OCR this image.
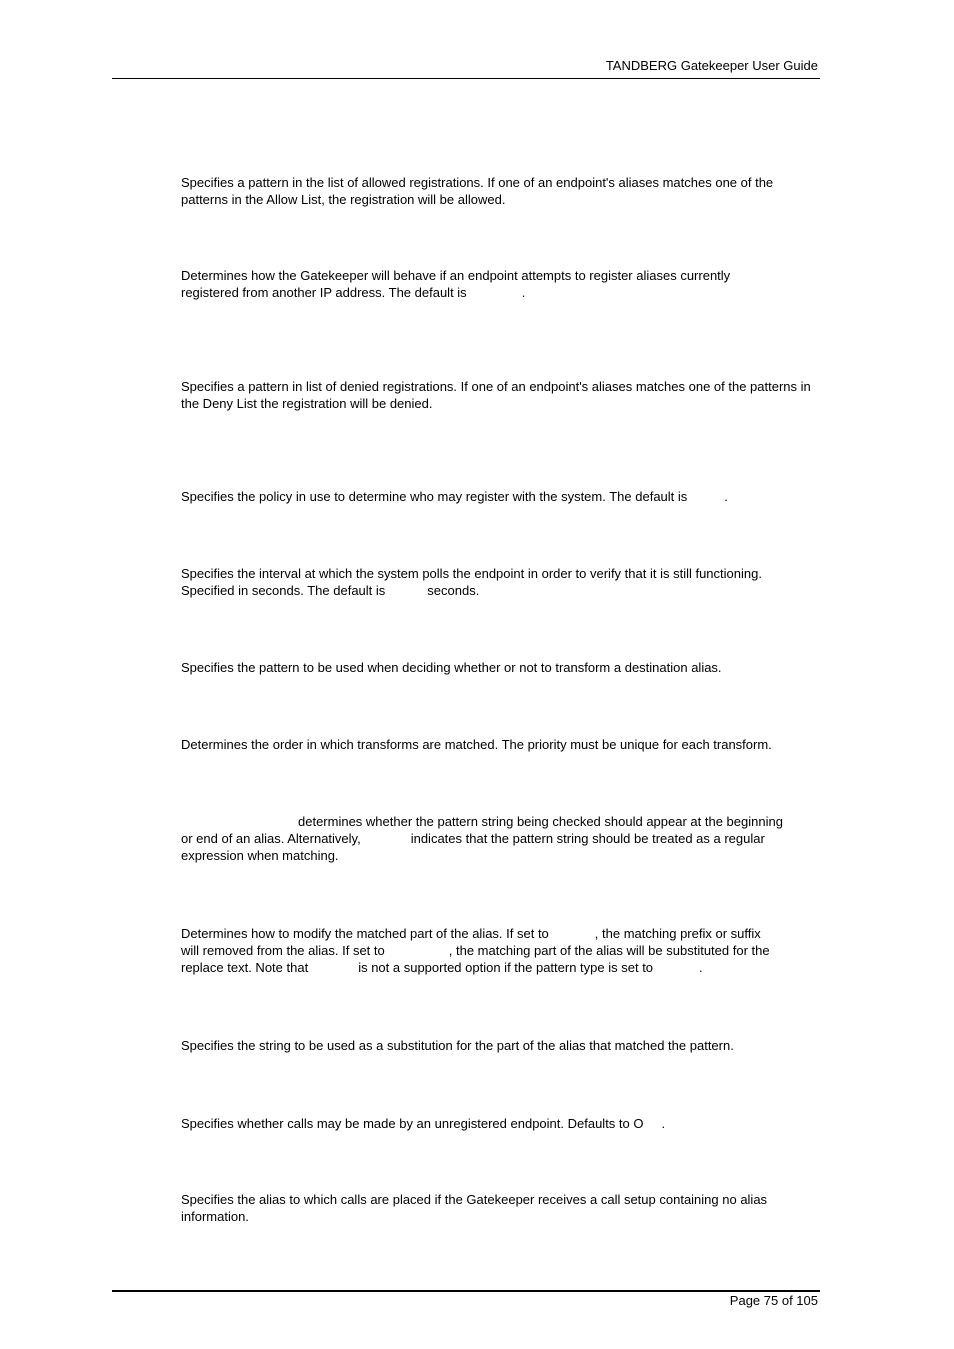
TANDBERG Gatekeeper User Guide

Specifies a pattern in the list of allowed registrations. If one of an endpoint's aliases matches one of the patterns in the Allow List, the registration will be allowed.

Determines how the Gatekeeper will behave if an endpoint attempts to register aliases currently
registered from another IP address. The default is	.

Specifies a pattern in list of denied registrations. If one of an endpoint's aliases matches one of the patterns in the Deny List the registration will be denied.

Specifies the policy in use to determine who may register with the system. The default is	.

Specifies the interval at which the system polls the endpoint in order to verify that it is still functioning.
Specified in seconds. The default is	seconds.

Specifies the pattern to be used when deciding whether or not to transform a destination alias.

Determines the order in which transforms are matched. The priority must be unique for each transform.

determines whether the pattern string being checked should appear at the beginning
or end of an alias. Alternatively,	indicates that the pattern string should be treated as a regular
expression when matching.

Determines how to modify the matched part of the alias. If set to	, the matching prefix or suffix
will removed from the alias. If set to	, the matching part of the alias will be substituted for the
replace text. Note that	is not a supported option if the pattern type is set to	.

Specifies the string to be used as a substitution for the part of the alias that matched the pattern.

Specifies whether calls may be made by an unregistered endpoint. Defaults to O .

Specifies the alias to which calls are placed if the Gatekeeper receives a call setup containing no alias information.

Page 75 of 105
